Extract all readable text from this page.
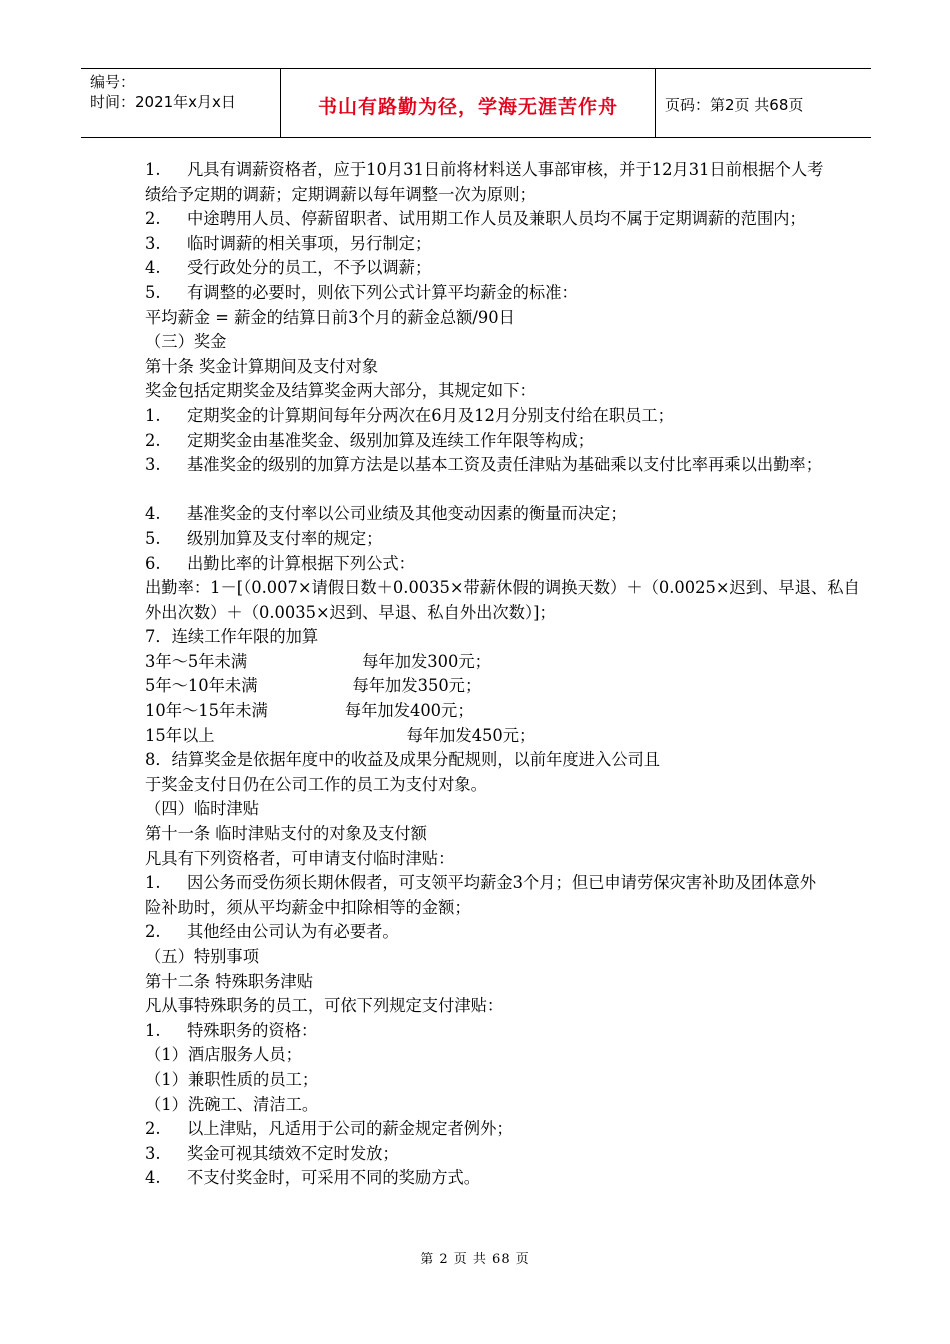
编号：
时间：2021年x月x日	书山有路勤为径，学海无涯苦作舟	页码：第2页 共68页
1. 凡具有调薪资格者，应于10月31日前将材料送人事部审核，并于12月31日前根据个人考
绩给予定期的调薪；定期调薪以每年调整一次为原则；
2. 中途聘用人员、停薪留职者、试用期工作人员及兼职人员均不属于定期调薪的范围内；
3. 临时调薪的相关事项，另行制定；
4. 受行政处分的员工，不予以调薪；
5. 有调整的必要时，则依下列公式计算平均薪金的标准：
平均薪金 = 薪金的结算日前3个月的薪金总额/90日
（三）奖金
第十条 奖金计算期间及支付对象
奖金包括定期奖金及结算奖金两大部分，其规定如下：
1. 定期奖金的计算期间每年分两次在6月及12月分别支付给在职员工；
2. 定期奖金由基准奖金、级别加算及连续工作年限等构成；
3. 基准奖金的级别的加算方法是以基本工资及责任津贴为基础乘以支付比率再乘以出勤率；
4. 基准奖金的支付率以公司业绩及其他变动因素的衡量而决定；
5. 级别加算及支付率的规定；
6. 出勤比率的计算根据下列公式：
出勤率：1－[（0.007×请假日数＋0.0035×带薪休假的调换天数）＋（0.0025×迟到、早退、私自
外出次数）＋（0.0035×迟到、早退、私自外出次数）]；
7．连续工作年限的加算
3年～5年未满	每年加发300元；
5年～10年未满	每年加发350元；
10年～15年未满	每年加发400元；
15年以上	每年加发450元；
8．结算奖金是依据年度中的收益及成果分配规则，以前年度进入公司且
于奖金支付日仍在公司工作的员工为支付对象。
（四）临时津贴
第十一条 临时津贴支付的对象及支付额
凡具有下列资格者，可申请支付临时津贴：
1. 因公务而受伤须长期休假者，可支领平均薪金3个月；但已申请劳保灾害补助及团体意外
险补助时，须从平均薪金中扣除相等的金额；
2. 其他经由公司认为有必要者。
（五）特别事项
第十二条 特殊职务津贴
凡从事特殊职务的员工，可依下列规定支付津贴：
1. 特殊职务的资格：
（1）酒店服务人员；
（1）兼职性质的员工；
（1）洗碗工、清洁工。
2. 以上津贴，凡适用于公司的薪金规定者例外；
3. 奖金可视其绩效不定时发放；
4. 不支付奖金时，可采用不同的奖励方式。
第 2 页 共 68 页
